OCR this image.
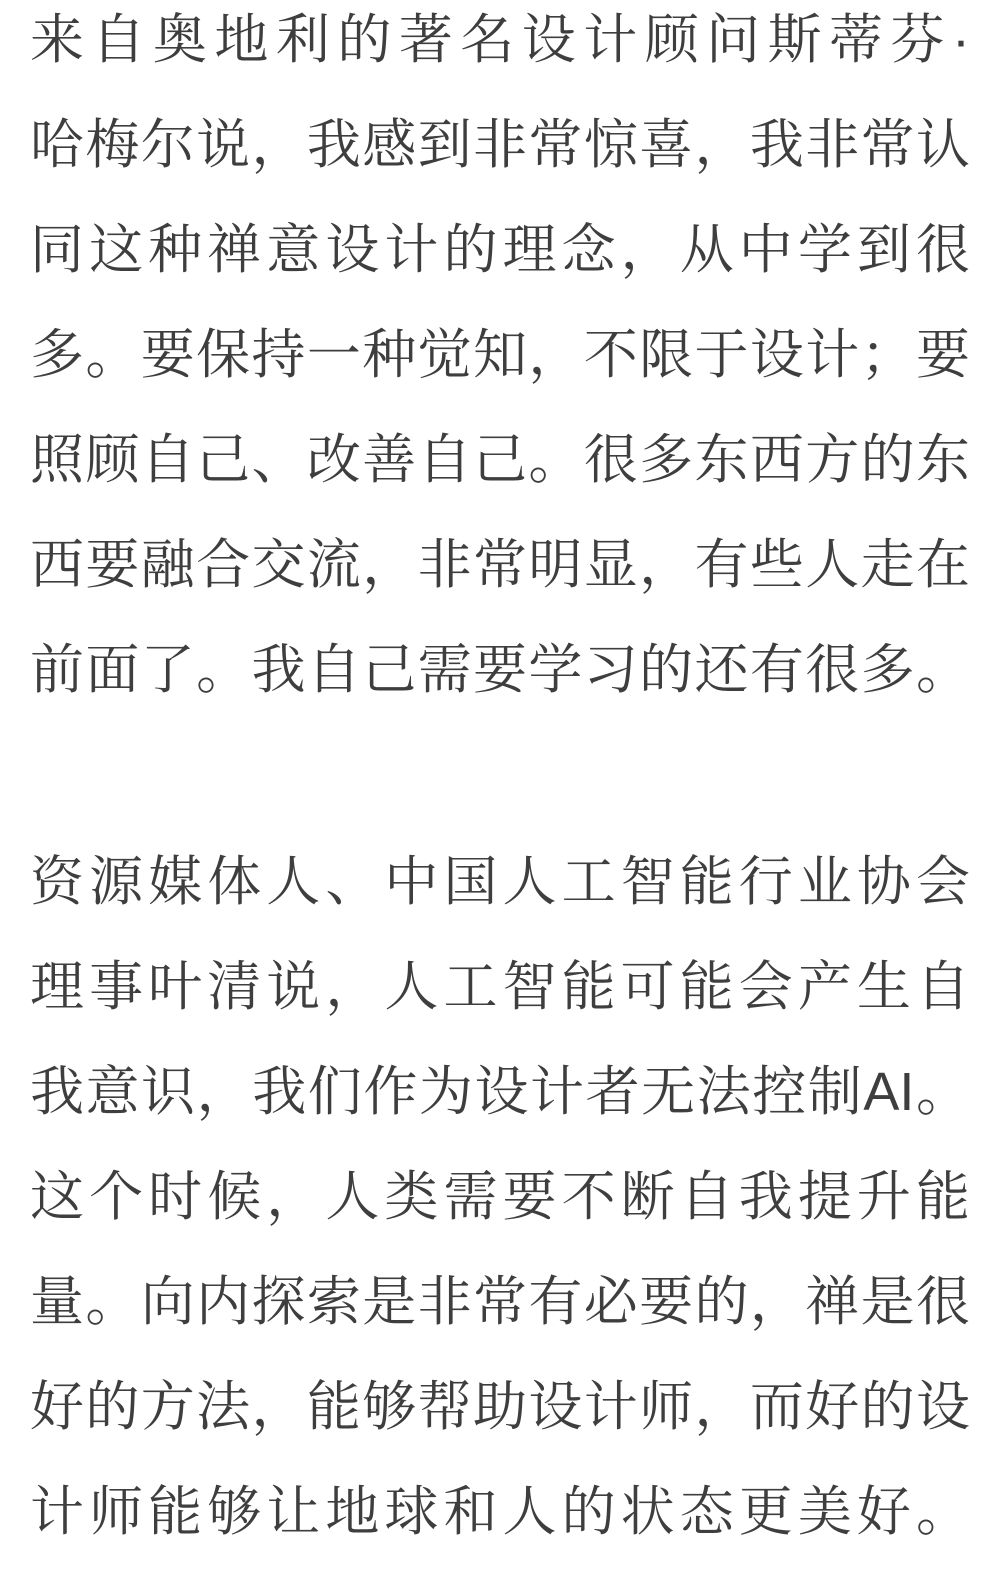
来自奥地利的著名设计顾问斯蒂芬·
哈梅尔说，我感到非常惊喜，我非常认
同这种禅意设计的理念，从中学到很
多。要保持一种觉知，不限于设计；要
照顾自己、改善自己。很多东西方的东
西要融合交流，非常明显，有些人走在
前面了。我自己需要学习的还有很多。
资源媒体人、中国人工智能行业协会
理事叶清说，人工智能可能会产生自
我意识，我们作为设计者无法控制AI。
这个时候，人类需要不断自我提升能
量。向内探索是非常有必要的，禅是很
好的方法，能够帮助设计师，而好的设
计师能够让地球和人的状态更美好。
